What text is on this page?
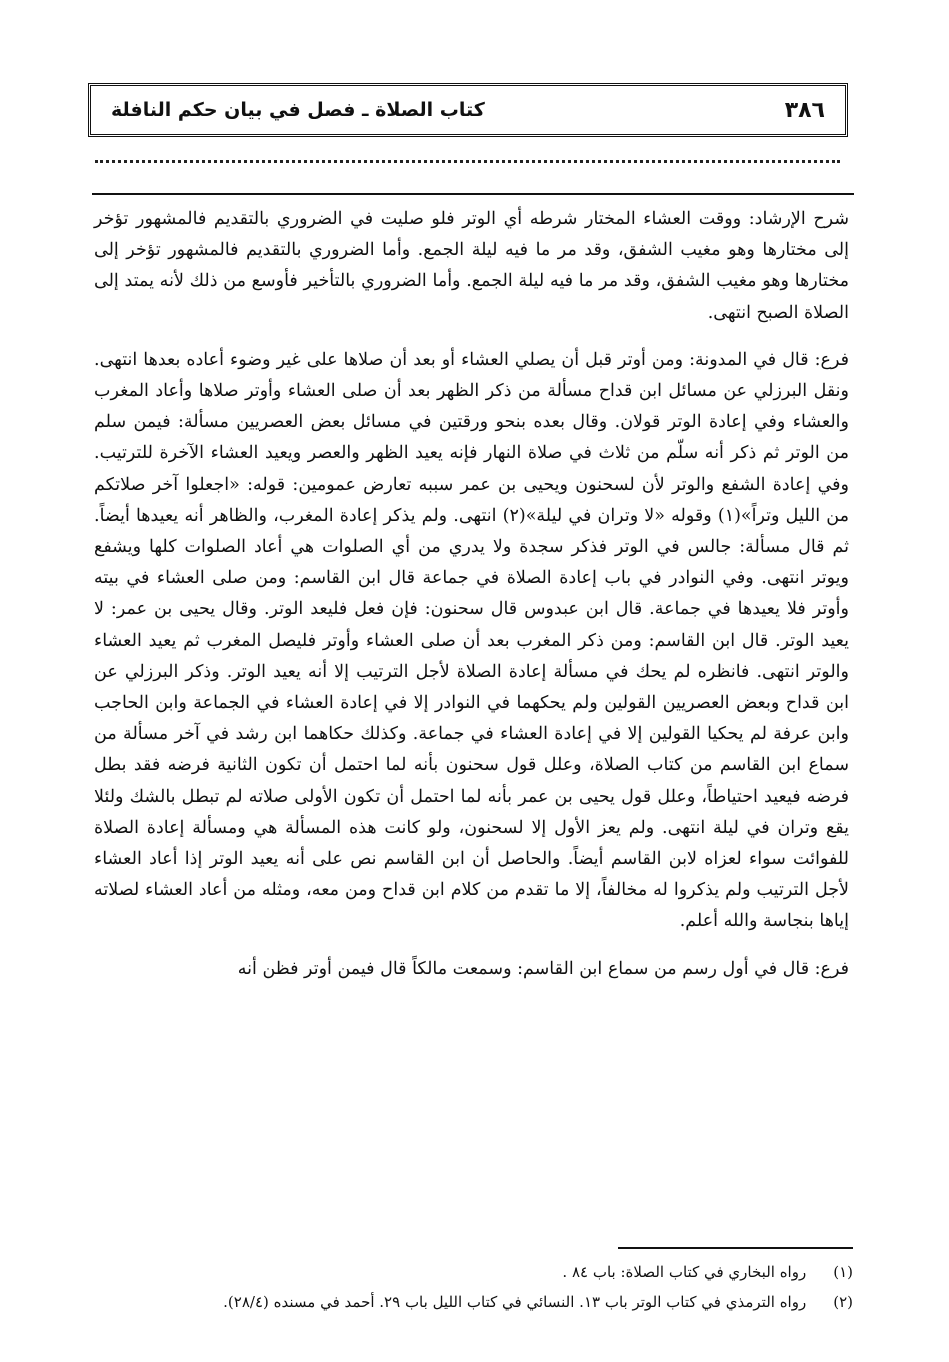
٣٨٦
كتاب الصلاة ـ فصل في بيان حكم النافلة

شرح الإرشاد: ووقت العشاء المختار شرطه أي الوتر فلو صليت في الضروري بالتقديم فالمشهور تؤخر إلى مختارها وهو مغيب الشفق، وقد مر ما فيه ليلة الجمع. وأما الضروري بالتقديم فالمشهور تؤخر إلى مختارها وهو مغيب الشفق، وقد مر ما فيه ليلة الجمع. وأما الضروري بالتأخير فأوسع من ذلك لأنه يمتد إلى الصلاة الصبح انتهى.

فرع: قال في المدونة: ومن أوتر قبل أن يصلي العشاء أو بعد أن صلاها على غير وضوء أعاده بعدها انتهى. ونقل البرزلي عن مسائل ابن قداح مسألة من ذكر الظهر بعد أن صلى العشاء وأوتر صلاها وأعاد المغرب والعشاء وفي إعادة الوتر قولان. وقال بعده بنحو ورقتين في مسائل بعض العصريين مسألة: فيمن سلم من الوتر ثم ذكر أنه سلّم من ثلاث في صلاة النهار فإنه يعيد الظهر والعصر ويعيد العشاء الآخرة للترتيب. وفي إعادة الشفع والوتر لأن لسحنون ويحيى بن عمر سببه تعارض عمومين: قوله: «اجعلوا آخر صلاتكم من الليل وتراً»(١) وقوله «لا وتران في ليلة»(٢) انتهى. ولم يذكر إعادة المغرب، والظاهر أنه يعيدها أيضاً. ثم قال مسألة: جالس في الوتر فذكر سجدة ولا يدري من أي الصلوات هي أعاد الصلوات كلها ويشفع ويوتر انتهى. وفي النوادر في باب إعادة الصلاة في جماعة قال ابن القاسم: ومن صلى العشاء في بيته وأوتر فلا يعيدها في جماعة. قال ابن عبدوس قال سحنون: فإن فعل فليعد الوتر. وقال يحيى بن عمر: لا يعيد الوتر. قال ابن القاسم: ومن ذكر المغرب بعد أن صلى العشاء وأوتر فليصل المغرب ثم يعيد العشاء والوتر انتهى. فانظره لم يحك في مسألة إعادة الصلاة لأجل الترتيب إلا أنه يعيد الوتر. وذكر البرزلي عن ابن قداح وبعض العصريين القولين ولم يحكهما في النوادر إلا في إعادة العشاء في الجماعة وابن الحاجب وابن عرفة لم يحكيا القولين إلا في إعادة العشاء في جماعة. وكذلك حكاهما ابن رشد في آخر مسألة من سماع ابن القاسم من كتاب الصلاة، وعلل قول سحنون بأنه لما احتمل أن تكون الثانية فرضه فقد بطل فرضه فيعيد احتياطاً، وعلل قول يحيى بن عمر بأنه لما احتمل أن تكون الأولى صلاته لم تبطل بالشك ولئلا يقع وتران في ليلة انتهى. ولم يعز الأول إلا لسحنون، ولو كانت هذه المسألة هي ومسألة إعادة الصلاة للفوائت سواء لعزاه لابن القاسم أيضاً. والحاصل أن ابن القاسم نص على أنه يعيد الوتر إذا أعاد العشاء لأجل الترتيب ولم يذكروا له مخالفاً، إلا ما تقدم من كلام ابن قداح ومن معه، ومثله من أعاد العشاء لصلاته إياها بنجاسة والله أعلم.

فرع: قال في أول رسم من سماع ابن القاسم: وسمعت مالكاً قال فيمن أوتر فظن أنه

(١) رواه البخاري في كتاب الصلاة: باب ٨٤ .

(٢) رواه الترمذي في كتاب الوتر باب ١٣. النسائي في كتاب الليل باب ٢٩. أحمد في مسنده (٢٨/٤).
